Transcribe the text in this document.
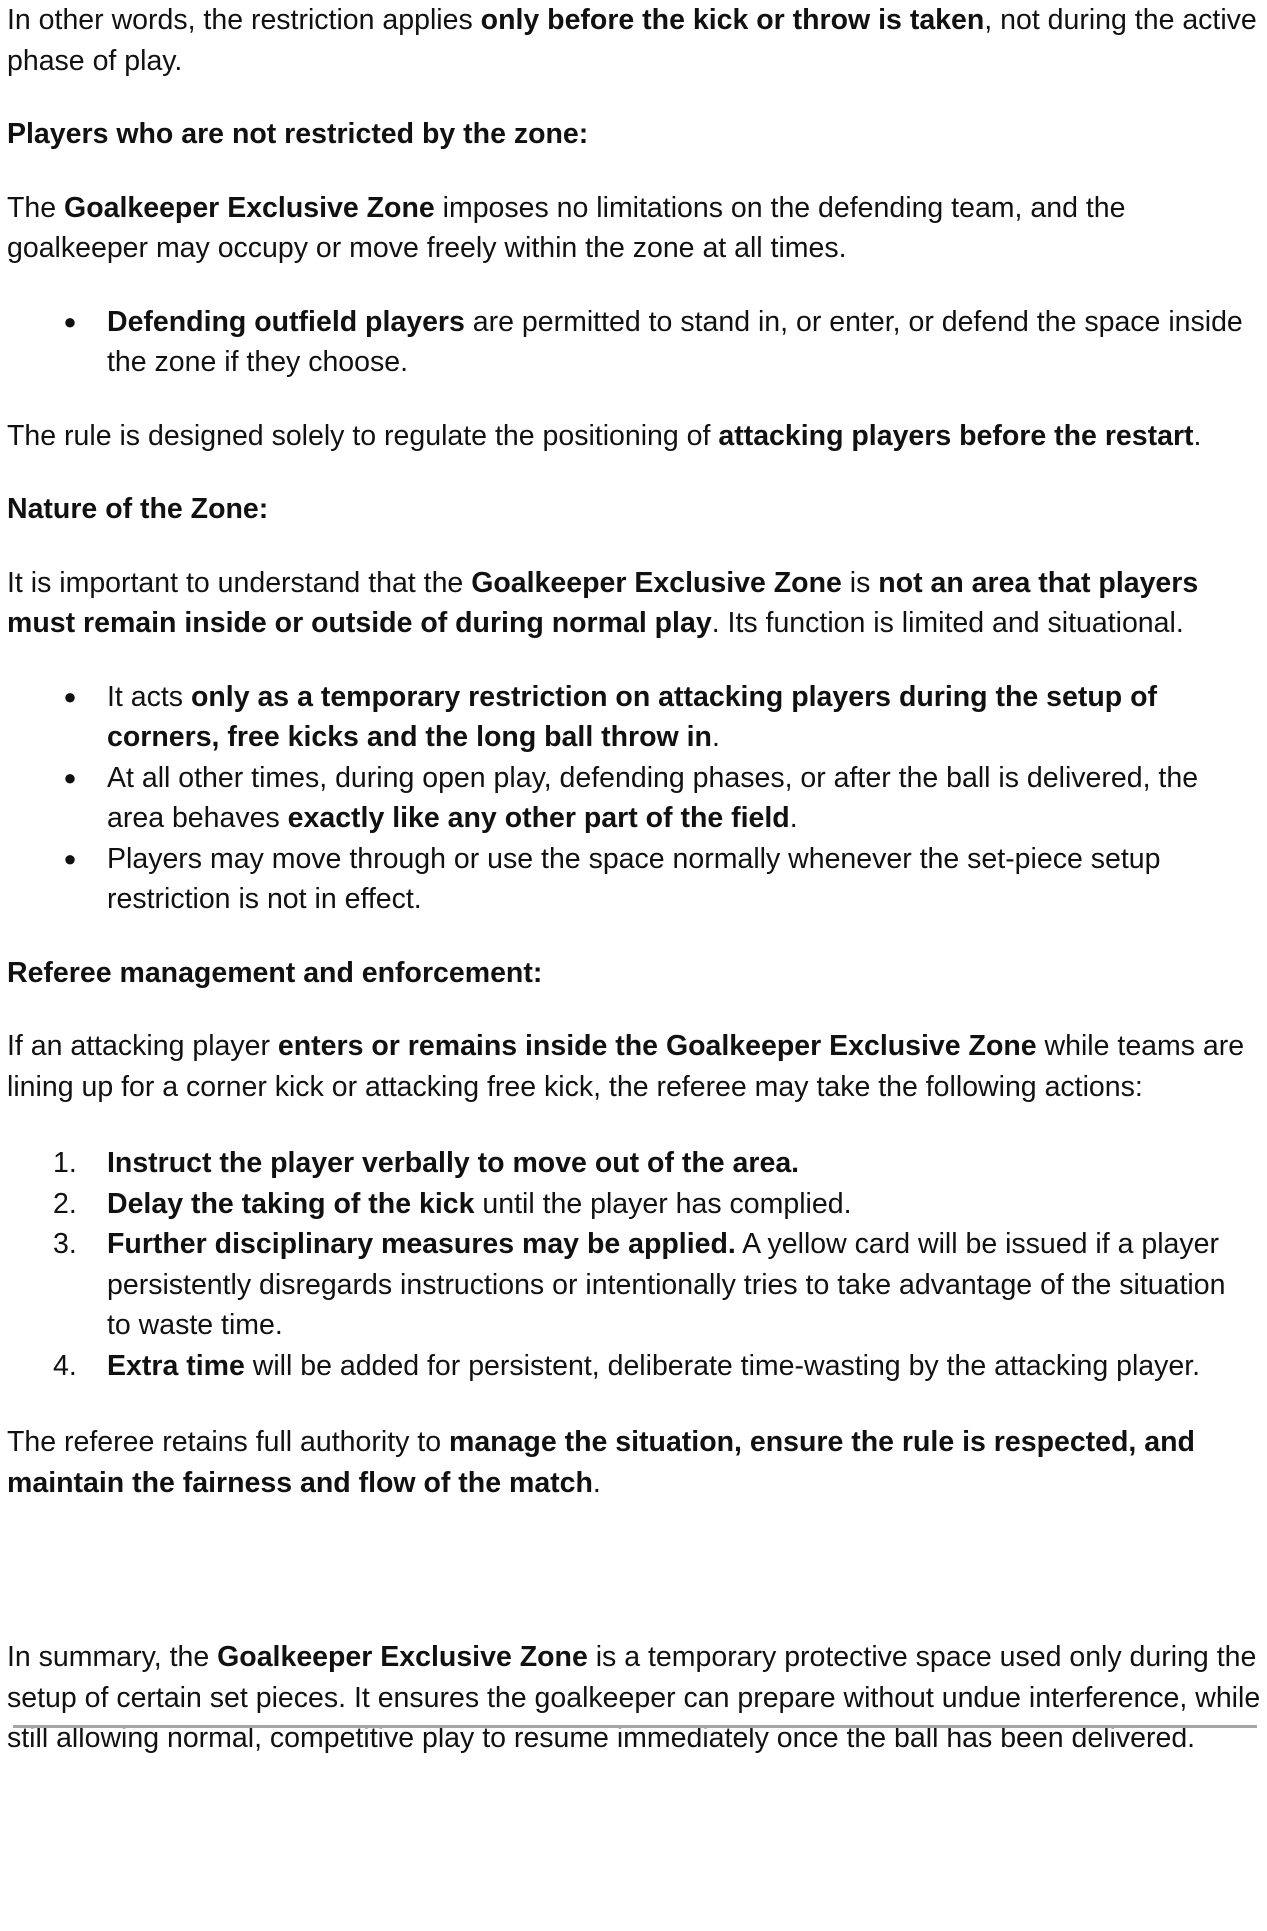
In other words, the restriction applies only before the kick or throw is taken, not during the active phase of play.

Players who are not restricted by the zone:

The Goalkeeper Exclusive Zone imposes no limitations on the defending team, and the goalkeeper may occupy or move freely within the zone at all times.

● Defending outfield players are permitted to stand in, or enter, or defend the space inside the zone if they choose.

The rule is designed solely to regulate the positioning of attacking players before the restart.

Nature of the Zone:

It is important to understand that the Goalkeeper Exclusive Zone is not an area that players must remain inside or outside of during normal play. Its function is limited and situational.

● It acts only as a temporary restriction on attacking players during the setup of corners, free kicks and the long ball throw in.
● At all other times, during open play, defending phases, or after the ball is delivered, the area behaves exactly like any other part of the field.
● Players may move through or use the space normally whenever the set-piece setup restriction is not in effect.

Referee management and enforcement:

If an attacking player enters or remains inside the Goalkeeper Exclusive Zone while teams are lining up for a corner kick or attacking free kick, the referee may take the following actions:

1.	Instruct the player verbally to move out of the area.
2.	Delay the taking of the kick until the player has complied.
3.	Further disciplinary measures may be applied. A yellow card will be issued if a player persistently disregards instructions or intentionally tries to take advantage of the situation to waste time.
4.	Extra time will be added for persistent, deliberate time-wasting by the attacking player.

The referee retains full authority to manage the situation, ensure the rule is respected, and maintain the fairness and flow of the match.

In summary, the Goalkeeper Exclusive Zone is a temporary protective space used only during the setup of certain set pieces. It ensures the goalkeeper can prepare without undue interference, while still allowing normal, competitive play to resume immediately once the ball has been delivered.
